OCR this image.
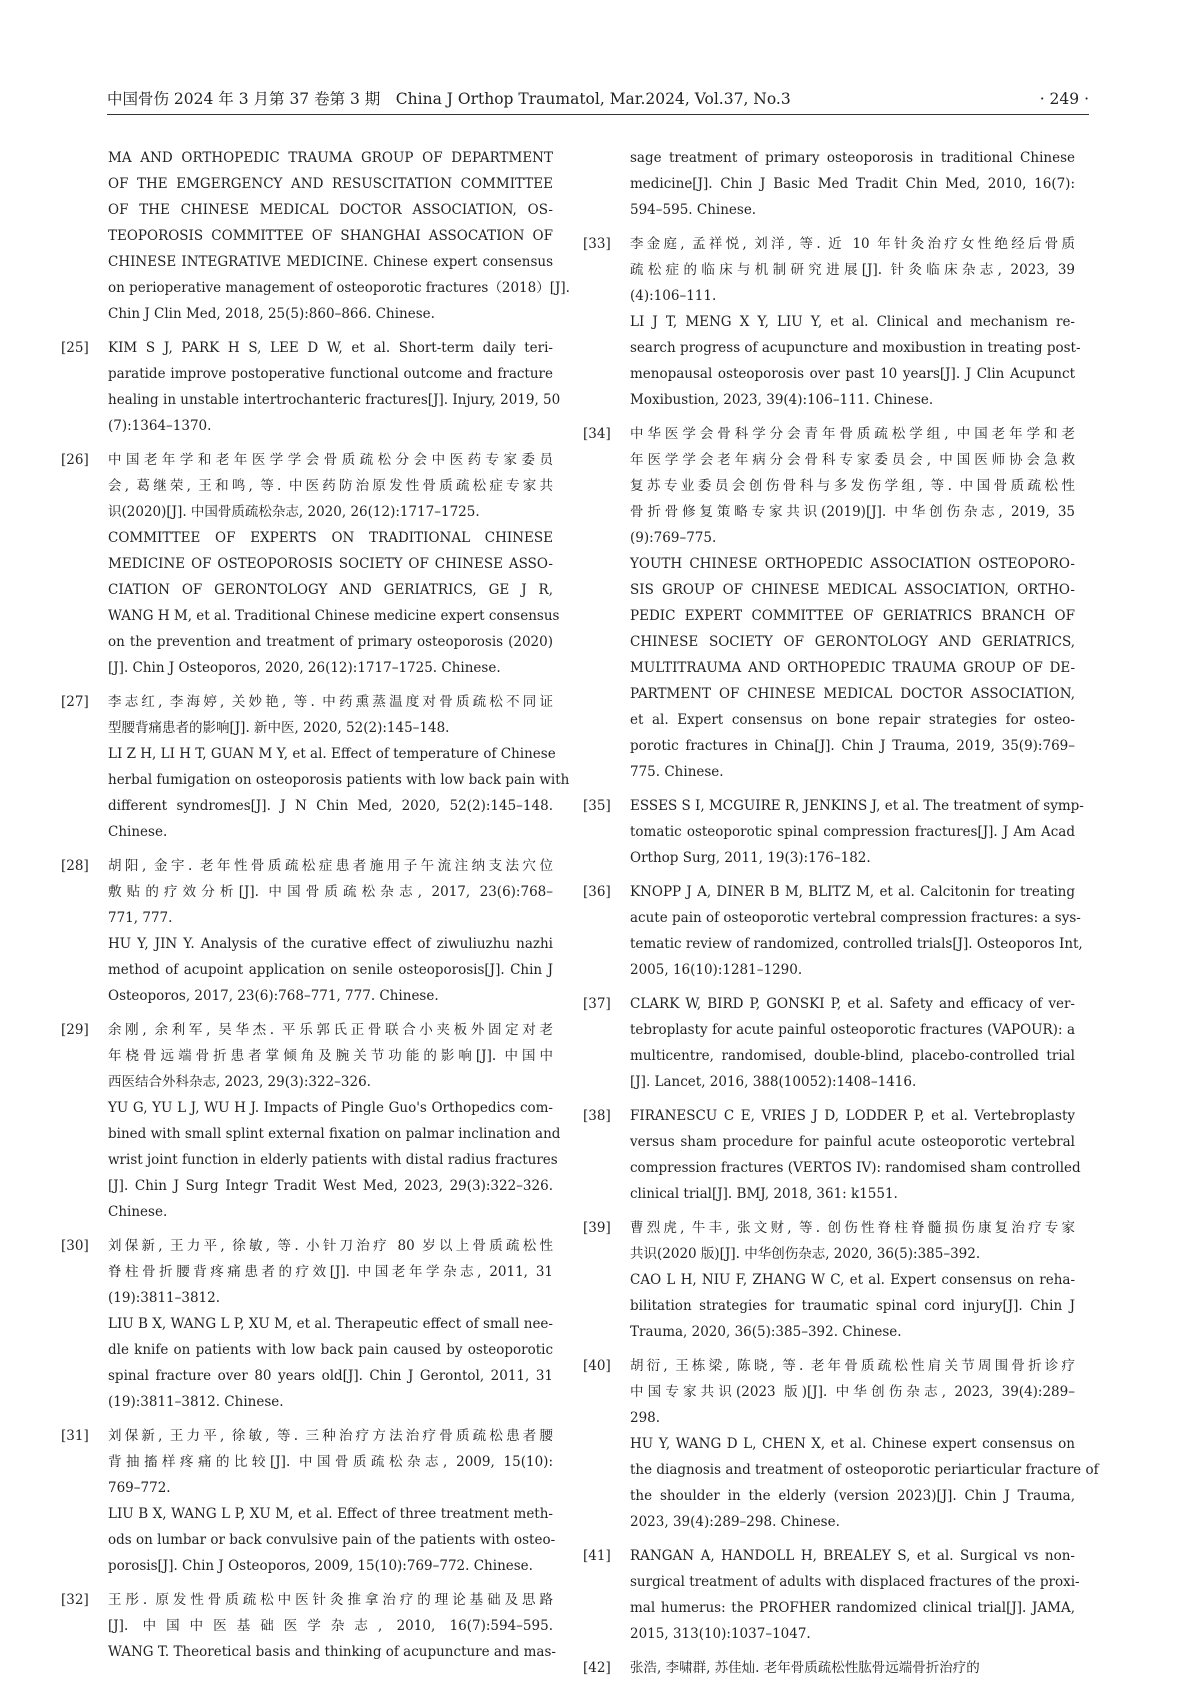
中国骨伤 2024 年 3 月第 37 卷第 3 期　China J Orthop Traumatol, Mar.2024, Vol.37, No.3	· 249 ·
MA AND ORTHOPEDIC TRAUMA GROUP OF DEPARTMENT
OF THE EMGERGENCY AND RESUSCITATION COMMITTEE
OF THE CHINESE MEDICAL DOCTOR ASSOCIATION, OS-
TEOPOROSIS COMMITTEE OF SHANGHAI ASSOCATION OF
CHINESE INTEGRATIVE MEDICINE. Chinese expert consensus
on perioperative management of osteoporotic fractures（2018）[J].
Chin J Clin Med, 2018, 25(5):860–866. Chinese.
[25] KIM S J, PARK H S, LEE D W, et al. Short-term daily teri-
paratide improve postoperative functional outcome and fracture
healing in unstable intertrochanteric fractures[J]. Injury, 2019, 50
(7):1364–1370.
[26] 中国老年学和老年医学学会骨质疏松分会中医药专家委员
会, 葛继荣, 王和鸣, 等. 中医药防治原发性骨质疏松症专家共
识(2020)[J]. 中国骨质疏松杂志, 2020, 26(12):1717–1725.
COMMITTEE OF EXPERTS ON TRADITIONAL CHINESE
MEDICINE OF OSTEOPOROSIS SOCIETY OF CHINESE ASSO-
CIATION OF GERONTOLOGY AND GERIATRICS, GE J R,
WANG H M, et al. Traditional Chinese medicine expert consensus
on the prevention and treatment of primary osteoporosis (2020)
[J]. Chin J Osteoporos, 2020, 26(12):1717–1725. Chinese.
[27] 李志红, 李海婷, 关妙艳, 等. 中药熏蒸温度对骨质疏松不同证
型腰背痛患者的影响[J]. 新中医, 2020, 52(2):145–148.
LI Z H, LI H T, GUAN M Y, et al. Effect of temperature of Chinese
herbal fumigation on osteoporosis patients with low back pain with
different syndromes[J]. J N Chin Med, 2020, 52(2):145–148.
Chinese.
[28] 胡阳, 金宇. 老年性骨质疏松症患者施用子午流注纳支法穴位
敷贴的疗效分析[J]. 中国骨质疏松杂志, 2017, 23(6):768–
771, 777.
HU Y, JIN Y. Analysis of the curative effect of ziwuliuzhu nazhi
method of acupoint application on senile osteoporosis[J]. Chin J
Osteoporos, 2017, 23(6):768–771, 777. Chinese.
[29] 余刚, 余利军, 吴华杰. 平乐郭氏正骨联合小夹板外固定对老
年桡骨远端骨折患者掌倾角及腕关节功能的影响[J]. 中国中
西医结合外科杂志, 2023, 29(3):322–326.
YU G, YU L J, WU H J. Impacts of Pingle Guo's Orthopedics com-
bined with small splint external fixation on palmar inclination and
wrist joint function in elderly patients with distal radius fractures
[J]. Chin J Surg Integr Tradit West Med, 2023, 29(3):322–326.
Chinese.
[30] 刘保新, 王力平, 徐敏, 等. 小针刀治疗 80 岁以上骨质疏松性
脊柱骨折腰背疼痛患者的疗效[J]. 中国老年学杂志, 2011, 31
(19):3811–3812.
LIU B X, WANG L P, XU M, et al. Therapeutic effect of small nee-
dle knife on patients with low back pain caused by osteoporotic
spinal fracture over 80 years old[J]. Chin J Gerontol, 2011, 31
(19):3811–3812. Chinese.
[31] 刘保新, 王力平, 徐敏, 等. 三种治疗方法治疗骨质疏松患者腰
背抽搐样疼痛的比较[J]. 中国骨质疏松杂志, 2009, 15(10):
769–772.
LIU B X, WANG L P, XU M, et al. Effect of three treatment meth-
ods on lumbar or back convulsive pain of the patients with osteo-
porosis[J]. Chin J Osteoporos, 2009, 15(10):769–772. Chinese.
[32] 王彤. 原发性骨质疏松中医针灸推拿治疗的理论基础及思路
[J]. 中国中医基础医学杂志, 2010, 16(7):594–595.
WANG T. Theoretical basis and thinking of acupuncture and mas-
sage treatment of primary osteoporosis in traditional Chinese
medicine[J]. Chin J Basic Med Tradit Chin Med, 2010, 16(7):
594–595. Chinese.
[33] 李金庭, 孟祥悦, 刘洋, 等. 近 10 年针灸治疗女性绝经后骨质
疏松症的临床与机制研究进展[J]. 针灸临床杂志, 2023, 39
(4):106–111.
LI J T, MENG X Y, LIU Y, et al. Clinical and mechanism re-
search progress of acupuncture and moxibustion in treating post-
menopausal osteoporosis over past 10 years[J]. J Clin Acupunct
Moxibustion, 2023, 39(4):106–111. Chinese.
[34] 中华医学会骨科学分会青年骨质疏松学组, 中国老年学和老
年医学学会老年病分会骨科专家委员会, 中国医师协会急救
复苏专业委员会创伤骨科与多发伤学组, 等. 中国骨质疏松性
骨折骨修复策略专家共识(2019)[J]. 中华创伤杂志, 2019, 35
(9):769–775.
YOUTH CHINESE ORTHOPEDIC ASSOCIATION OSTEOPORO-
SIS GROUP OF CHINESE MEDICAL ASSOCIATION, ORTHO-
PEDIC EXPERT COMMITTEE OF GERIATRICS BRANCH OF
CHINESE SOCIETY OF GERONTOLOGY AND GERIATRICS,
MULTITRAUMA AND ORTHOPEDIC TRAUMA GROUP OF DE-
PARTMENT OF CHINESE MEDICAL DOCTOR ASSOCIATION,
et al. Expert consensus on bone repair strategies for osteo-
porotic fractures in China[J]. Chin J Trauma, 2019, 35(9):769–
775. Chinese.
[35] ESSES S I, MCGUIRE R, JENKINS J, et al. The treatment of symp-
tomatic osteoporotic spinal compression fractures[J]. J Am Acad
Orthop Surg, 2011, 19(3):176–182.
[36] KNOPP J A, DINER B M, BLITZ M, et al. Calcitonin for treating
acute pain of osteoporotic vertebral compression fractures: a sys-
tematic review of randomized, controlled trials[J]. Osteoporos Int,
2005, 16(10):1281–1290.
[37] CLARK W, BIRD P, GONSKI P, et al. Safety and efficacy of ver-
tebroplasty for acute painful osteoporotic fractures (VAPOUR): a
multicentre, randomised, double-blind, placebo-controlled trial
[J]. Lancet, 2016, 388(10052):1408–1416.
[38] FIRANESCU C E, VRIES J D, LODDER P, et al. Vertebroplasty
versus sham procedure for painful acute osteoporotic vertebral
compression fractures (VERTOS IV): randomised sham controlled
clinical trial[J]. BMJ, 2018, 361: k1551.
[39] 曹烈虎, 牛丰, 张文财, 等. 创伤性脊柱脊髓损伤康复治疗专家
共识(2020 版)[J]. 中华创伤杂志, 2020, 36(5):385–392.
CAO L H, NIU F, ZHANG W C, et al. Expert consensus on reha-
bilitation strategies for traumatic spinal cord injury[J]. Chin J
Trauma, 2020, 36(5):385–392. Chinese.
[40] 胡衍, 王栋梁, 陈晓, 等. 老年骨质疏松性肩关节周围骨折诊疗
中国专家共识(2023 版)[J]. 中华创伤杂志, 2023, 39(4):289–
298.
HU Y, WANG D L, CHEN X, et al. Chinese expert consensus on
the diagnosis and treatment of osteoporotic periarticular fracture of
the shoulder in the elderly (version 2023)[J]. Chin J Trauma,
2023, 39(4):289–298. Chinese.
[41] RANGAN A, HANDOLL H, BREALEY S, et al. Surgical vs non-
surgical treatment of adults with displaced fractures of the proxi-
mal humerus: the PROFHER randomized clinical trial[J]. JAMA,
2015, 313(10):1037–1047.
[42] 张浩, 李啸群, 苏佳灿. 老年骨质疏松性肱骨远端骨折治疗的
